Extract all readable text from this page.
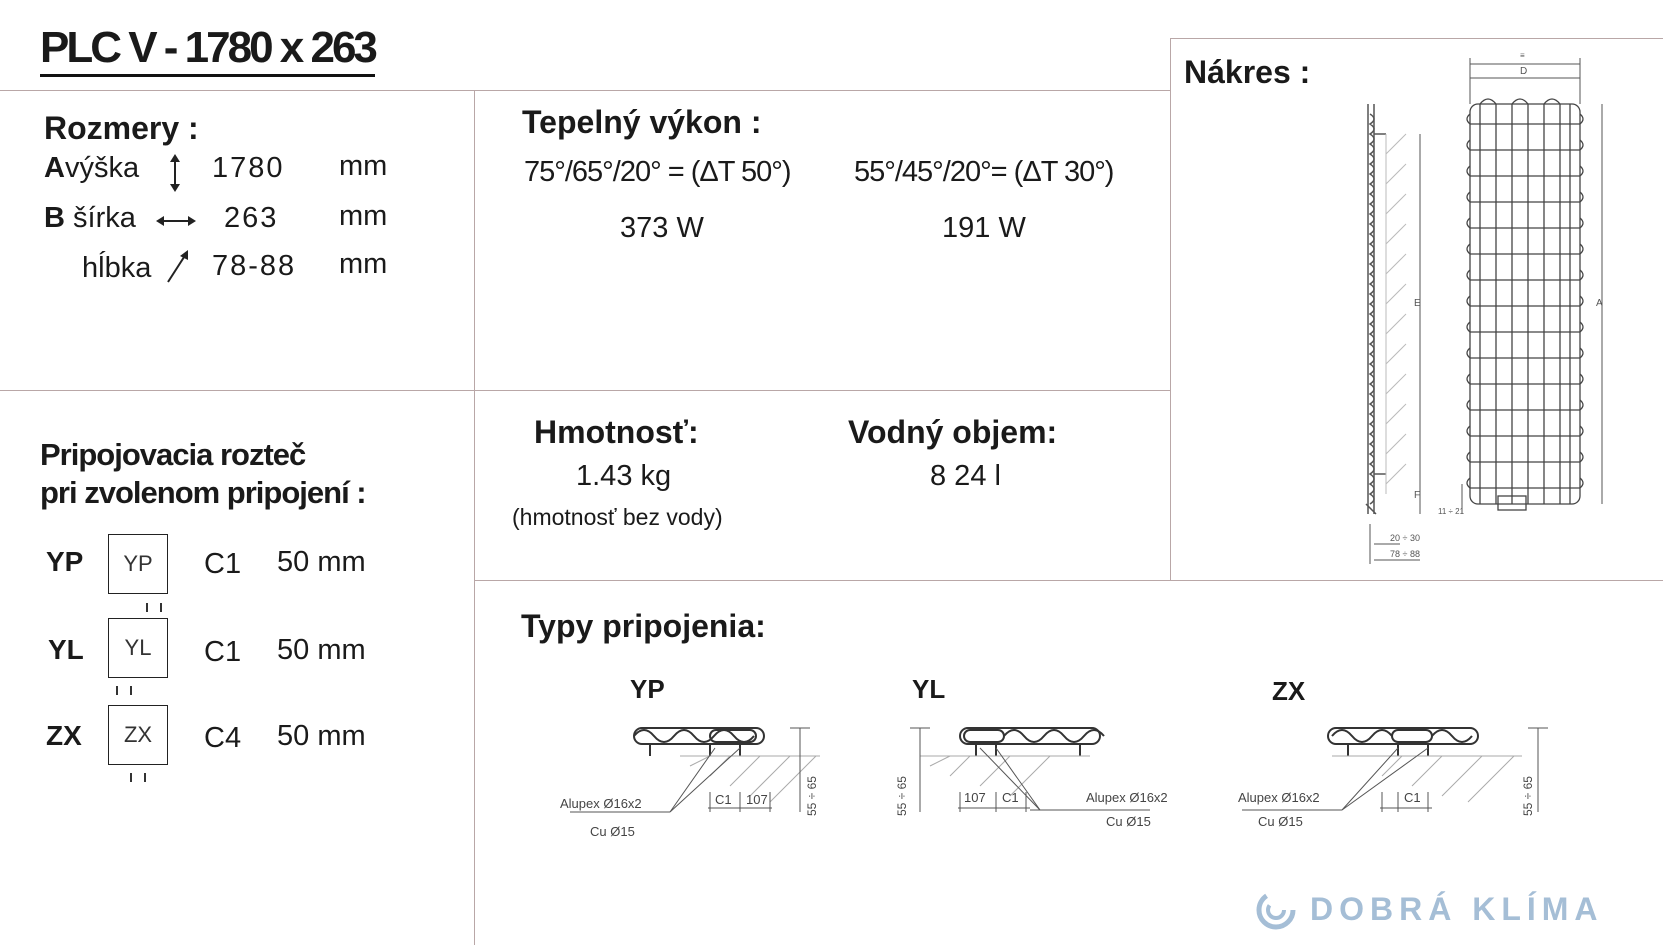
PLC V - 1780 x 263
Rozmery :
Avýška	1780 mm
B šírka	263 mm
hĺbka 78-88 mm
Tepelný výkon :
75°/65°/20° = (ΔT 50°) 55°/45°/20°= (ΔT 30°)
373 W	191 W
Hmotnosť:
1.43 kg
(hmotnosť bez vody)
Vodný objem:
8 24 l
Nákres :
E
F
20 ÷ 30
78 ÷ 88
D
≡
A
11 ÷ 21
Pripojovacia rozteč
pri zvolenom pripojení :
YP	YP	C1 50 mm
YL	YL	C1 50 mm
ZX	ZX	C4 50 mm
Typy pripojenia:
YP
Alupex Ø16x2
Cu Ø15
C1 107	55 ÷ 65
YL
55 ÷ 65	107 C1	Alupex Ø16x2
Cu Ø15
ZX
Alupex Ø16x2
Cu Ø15
C1	55 ÷ 65
DOBRÁ KLÍMA
